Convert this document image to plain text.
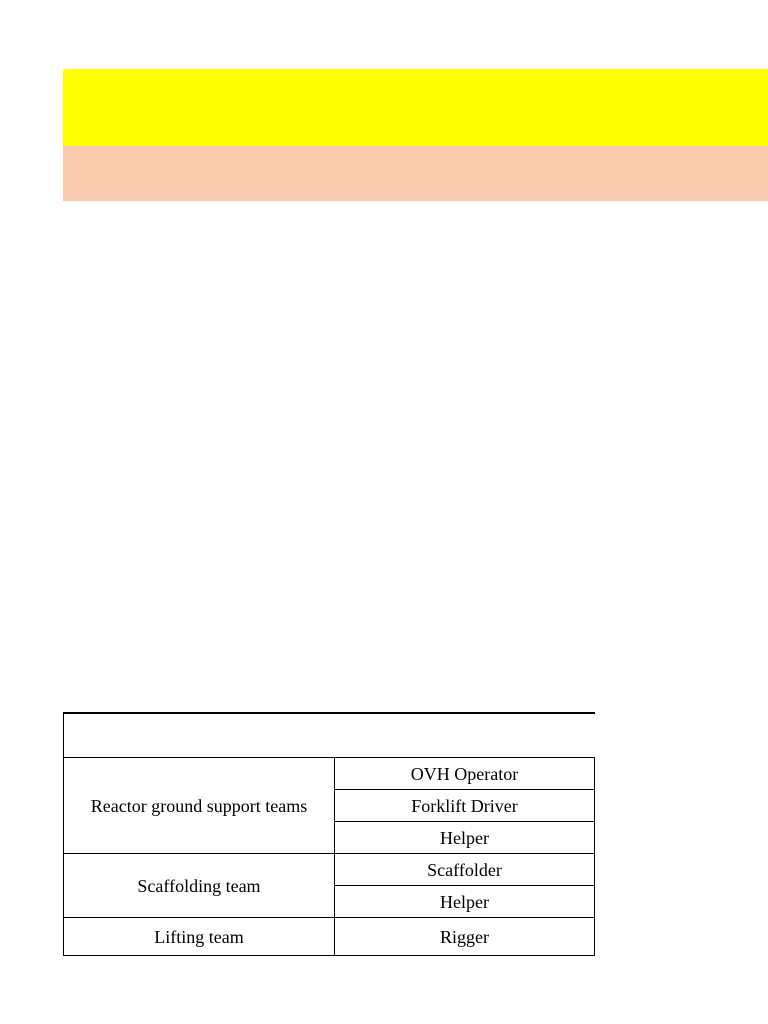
Reactor ground support teams	OVH Operator
	Forklift Driver
	Helper
Scaffolding team	Scaffolder
	Helper
Lifting team	Rigger
